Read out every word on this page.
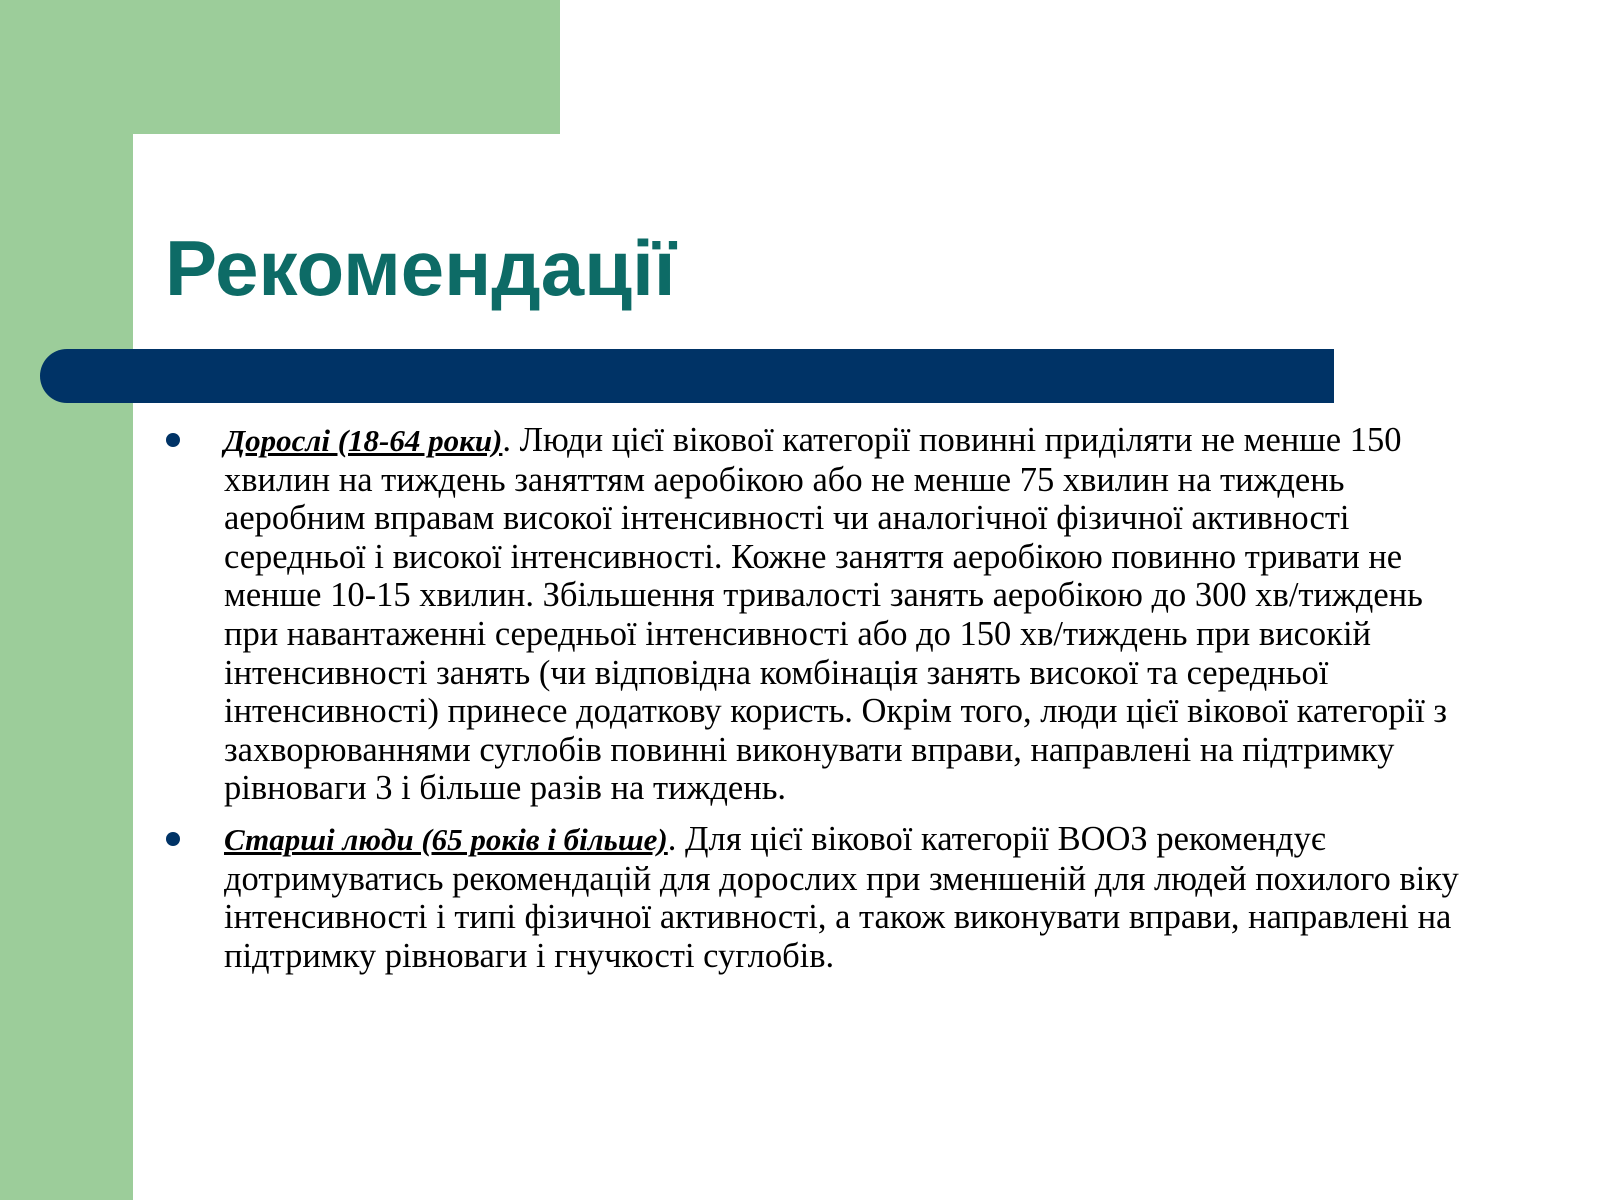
Рекомендації
Дорослі (18-64 роки). Люди цієї вікової категорії повинні приділяти не менше 150 хвилин на тиждень заняттям аеробікою або не менше 75 хвилин на тиждень аеробним вправам високої інтенсивності чи аналогічної фізичної активності середньої і високої інтенсивності. Кожне заняття аеробікою повинно тривати не менше 10-15 хвилин. Збільшення тривалості занять аеробікою до 300 хв/тиждень при навантаженні середньої інтенсивності або до 150 хв/тиждень при високій інтенсивності занять (чи відповідна комбінація занять високої та середньої інтенсивності) принесе додаткову користь. Окрім того, люди цієї вікової категорії з захворюваннями суглобів повинні виконувати вправи, направлені на підтримку рівноваги 3 і більше разів на тиждень.
Старші люди (65 років і більше). Для цієї вікової категорії ВООЗ рекомендує дотримуватись рекомендацій для дорослих при зменшеній для людей похилого віку інтенсивності і типі фізичної активності, а також виконувати вправи, направлені на підтримку рівноваги і гнучкості суглобів.
